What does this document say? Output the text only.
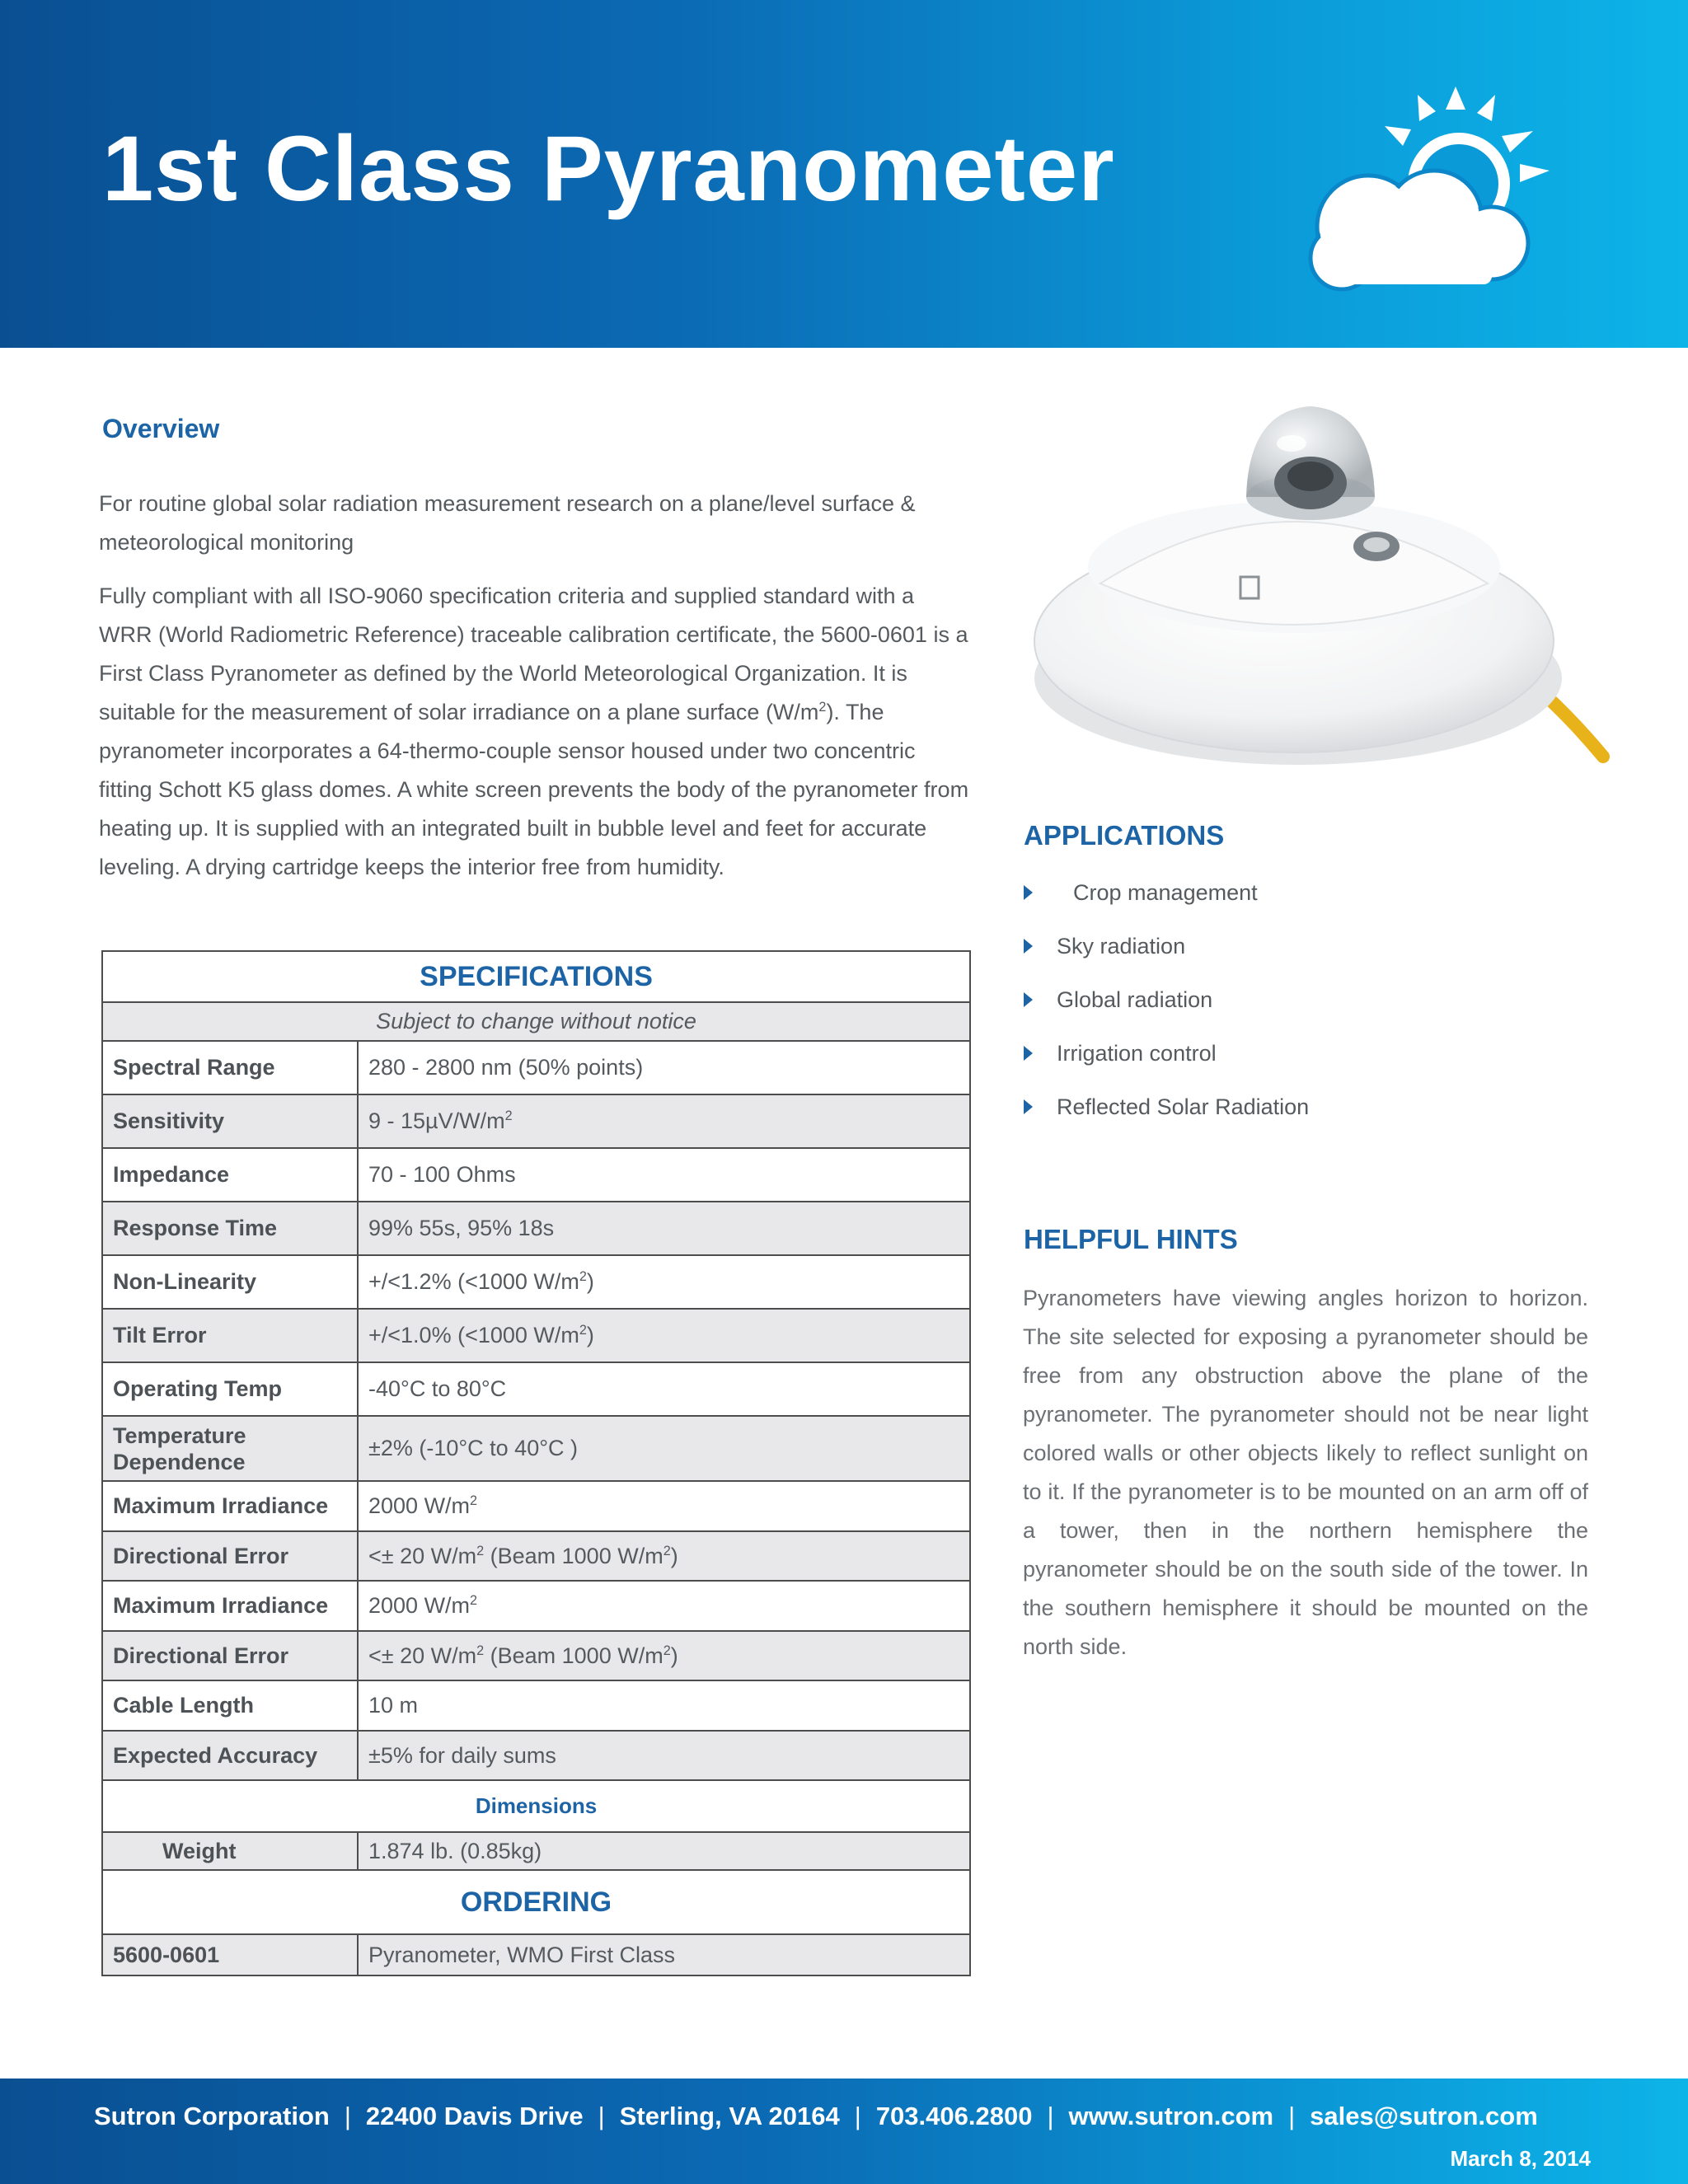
1st Class Pyranometer
Overview

For routine global solar radiation measurement research on a plane/level surface & meteorological monitoring

Fully compliant with all ISO-9060 specification criteria and supplied standard with a WRR (World Radiometric Reference) traceable calibration certificate, the 5600-0601 is a First Class Pyranometer as defined by the World Meteorological Organization. It is suitable for the measurement of solar irradiance on a plane surface $(W/m^2)$. The pyranometer incorporates a 64-thermo-couple sensor housed under two concentric fitting Schott K5 glass domes. A white screen prevents the body of the pyranometer from heating up. It is supplied with an integrated built in bubble level and feet for accurate leveling. A drying cartridge keeps the interior free from humidity.

SPECIFICATIONS	
Subject to change without notice	
Spectral Range	280 - 2800 nm (50% points)
Sensitivity	$9 - 15\mu V/W/m^2$
Impedance	70 - 100 Ohms
Response Time	99% 55s, 95% 18s
Non-Linearity	+/<1.2% (<1000 $W/m^2$)
Tilt Error	+/<1.0% (<1000 $W/m^2$)
Operating Temp	-40°C to 80°C
Temperature Dependence	±2% (-10°C to 40°C )
Maximum Irradiance	2000 $W/m^2$
Directional Error	<± 20 $W/m^2$ (Beam 1000 $W/m^2$)
Maximum Irradiance	2000 $W/m^2$
Directional Error	<± 20 $W/m^2$ (Beam 1000 $W/m^2$)
Cable Length	10 m
Expected Accuracy	±5% for daily sums
Dimensions	
Weight	1.874 lb. (0.85kg)
ORDERING	
5600-0601	Pyranometer, WMO First Class
APPLICATIONS
Crop management
Sky radiation
Global radiation
Irrigation control
Reflected Solar Radiation
HELPFUL HINTS

Pyranometers have viewing angles horizon to horizon. The site selected for exposing a pyranometer should be free from any obstruction above the plane of the pyranometer. The pyranometer should not be near light colored walls or other objects likely to reflect sunlight on to it. If the pyranometer is to be mounted on an arm off of a tower, then in the northern hemisphere the pyranometer should be on the south side of the tower. In the southern hemisphere it should be mounted on the north side.

Sutron Corporation | 22400 Davis Drive | Sterling, VA 20164 | 703.406.2800 | www.sutron.com | sales@sutron.com
March 8, 2014
